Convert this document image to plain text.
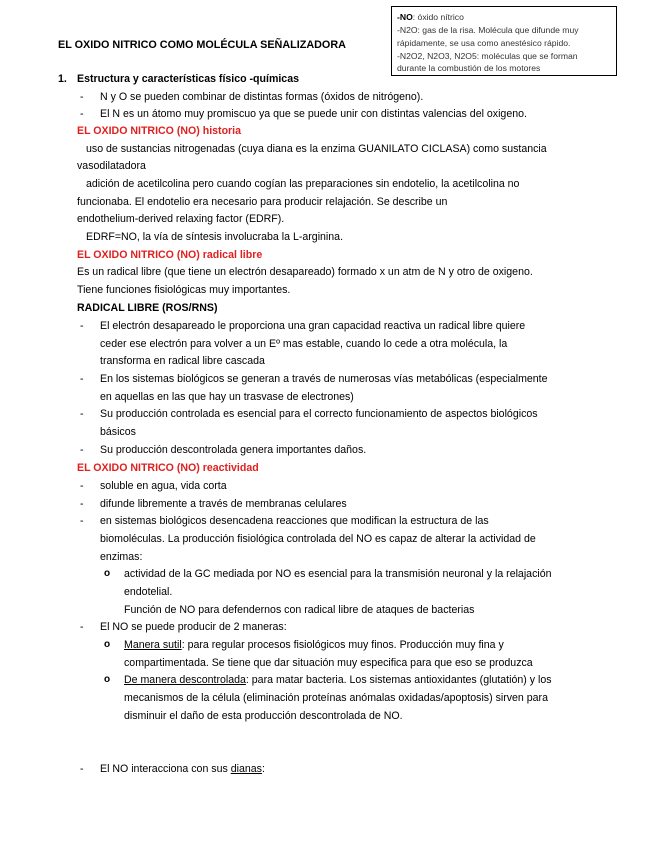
-NO: óxido nítrico
-N2O: gas de la risa. Molécula que difunde muy
rápidamente, se usa como anestésico rápido.
-N2O2, N2O3, N2O5: moléculas que se forman
durante la combustión de los motores
EL OXIDO NITRICO COMO MOLÉCULA SEÑALIZADORA
1. Estructura y características físico -químicas
- N y O se pueden combinar de distintas formas (óxidos de nitrógeno).
- El N es un átomo muy promiscuo ya que se puede unir con distintas valencias del oxigeno.
EL OXIDO NITRICO (NO) historia
uso de sustancias nitrogenadas (cuya diana es la enzima GUANILATO CICLASA) como sustancia
vasodilatadora
adición de acetilcolina pero cuando cogían las preparaciones sin endotelio, la acetilcolina no
funcionaba. El endotelio era necesario para producir relajación. Se describe un
endothelium-derived relaxing factor (EDRF).
EDRF=NO, la vía de síntesis involucraba la L-arginina.
EL OXIDO NITRICO (NO) radical libre
Es un radical libre (que tiene un electrón desapareado) formado x un atm de N y otro de oxigeno.
Tiene funciones fisiológicas muy importantes.
RADICAL LIBRE (ROS/RNS)
- El electrón desapareado le proporciona una gran capacidad reactiva un radical libre quiere
ceder ese electrón para volver a un Eº mas estable, cuando lo cede a otra molécula, la
transforma en radical libre cascada
- En los sistemas biológicos se generan a través de numerosas vías metabólicas (especialmente
en aquellas en las que hay un trasvase de electrones)
- Su producción controlada es esencial para el correcto funcionamiento de aspectos biológicos
básicos
- Su producción descontrolada genera importantes daños.
EL OXIDO NITRICO (NO) reactividad
- soluble en agua, vida corta
- difunde libremente a través de membranas celulares
- en sistemas biológicos desencadena reacciones que modifican la estructura de las
biomoléculas. La producción fisiológica controlada del NO es capaz de alterar la actividad de
enzimas:
o actividad de la GC mediada por NO es esencial para la transmisión neuronal y la relajación
endotelial.
Función de NO para defendernos con radical libre de ataques de bacterias
- El NO se puede producir de 2 maneras:
o Manera sutil: para regular procesos fisiológicos muy finos. Producción muy fina y
compartimentada. Se tiene que dar situación muy especifica para que eso se produzca
o De manera descontrolada: para matar bacteria. Los sistemas antioxidantes (glutatión) y los
mecanismos de la célula (eliminación proteínas anómalas oxidadas/apoptosis) sirven para
disminuir el daño de esta producción descontrolada de NO.
- El NO interacciona con sus dianas:
